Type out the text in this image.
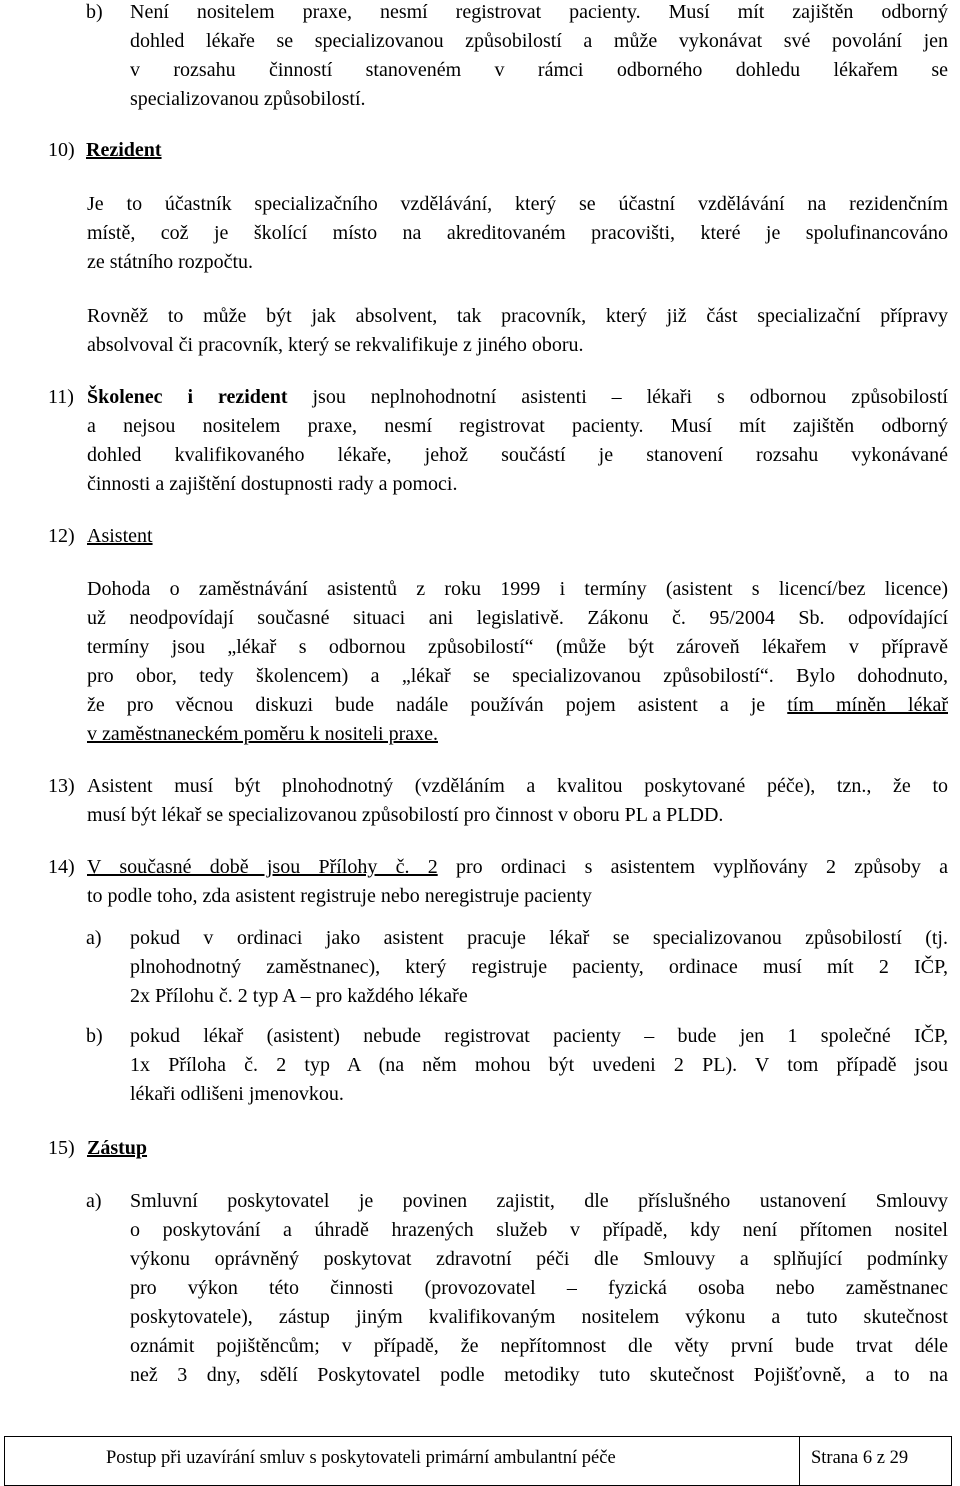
b) Není nositelem praxe, nesmí registrovat pacienty. Musí mít zajištěn odborný
dohled lékaře se specializovanou způsobilostí a může vykonávat své povolání jen
v rozsahu činností stanoveném v rámci odborného dohledu lékařem se
specializovanou způsobilostí.
10) Rezident
Je to účastník specializačního vzdělávání, který se účastní vzdělávání na rezidenčním
místě, což je školící místo na akreditovaném pracovišti, které je spolufinancováno
ze státního rozpočtu.
Rovněž to může být jak absolvent, tak pracovník, který již část specializační přípravy
absolvoval či pracovník, který se rekvalifikuje z jiného oboru.
11) Školenec i rezident jsou neplnohodnotní asistenti – lékaři s odbornou způsobilostí
a nejsou nositelem praxe, nesmí registrovat pacienty. Musí mít zajištěn odborný
dohled kvalifikovaného lékaře, jehož součástí je stanovení rozsahu vykonávané
činnosti a zajištění dostupnosti rady a pomoci.
12) Asistent
Dohoda o zaměstnávání asistentů z roku 1999 i termíny (asistent s licencí/bez licence)
už neodpovídají současné situaci ani legislativě. Zákonu č. 95/2004 Sb. odpovídající
termíny jsou „lékař s odbornou způsobilostí“ (může být zároveň lékařem v přípravě
pro obor, tedy školencem) a „lékař se specializovanou způsobilostí“. Bylo dohodnuto,
že pro věcnou diskuzi bude nadále používán pojem asistent a je tím míněn lékař
v zaměstnaneckém poměru k nositeli praxe.
13) Asistent musí být plnohodnotný (vzděláním a kvalitou poskytované péče), tzn., že to
musí být lékař se specializovanou způsobilostí pro činnost v oboru PL a PLDD.
14) V současné době jsou Přílohy č. 2 pro ordinaci s asistentem vyplňovány 2 způsoby a
to podle toho, zda asistent registruje nebo neregistruje pacienty
a) pokud v ordinaci jako asistent pracuje lékař se specializovanou způsobilostí (tj.
plnohodnotný zaměstnanec), který registruje pacienty, ordinace musí mít 2 IČP,
2x Přílohu č. 2 typ A – pro každého lékaře
b) pokud lékař (asistent) nebude registrovat pacienty – bude jen 1 společné IČP,
1x Příloha č. 2 typ A (na něm mohou být uvedeni 2 PL). V tom případě jsou
lékaři odlišeni jmenovkou.
15) Zástup
a) Smluvní poskytovatel je povinen zajistit, dle příslušného ustanovení Smlouvy
o poskytování a úhradě hrazených služeb v případě, kdy není přítomen nositel
výkonu oprávněný poskytovat zdravotní péči dle Smlouvy a splňující podmínky
pro výkon této činnosti (provozovatel – fyzická osoba nebo zaměstnanec
poskytovatele), zástup jiným kvalifikovaným nositelem výkonu a tuto skutečnost
oznámit pojištěncům; v případě, že nepřítomnost dle věty první bude trvat déle
než 3 dny, sdělí Poskytovatel podle metodiky tuto skutečnost Pojišťovně, a to na
Postup při uzavírání smluv s poskytovateli primární ambulantní péče	Strana 6 z 29
